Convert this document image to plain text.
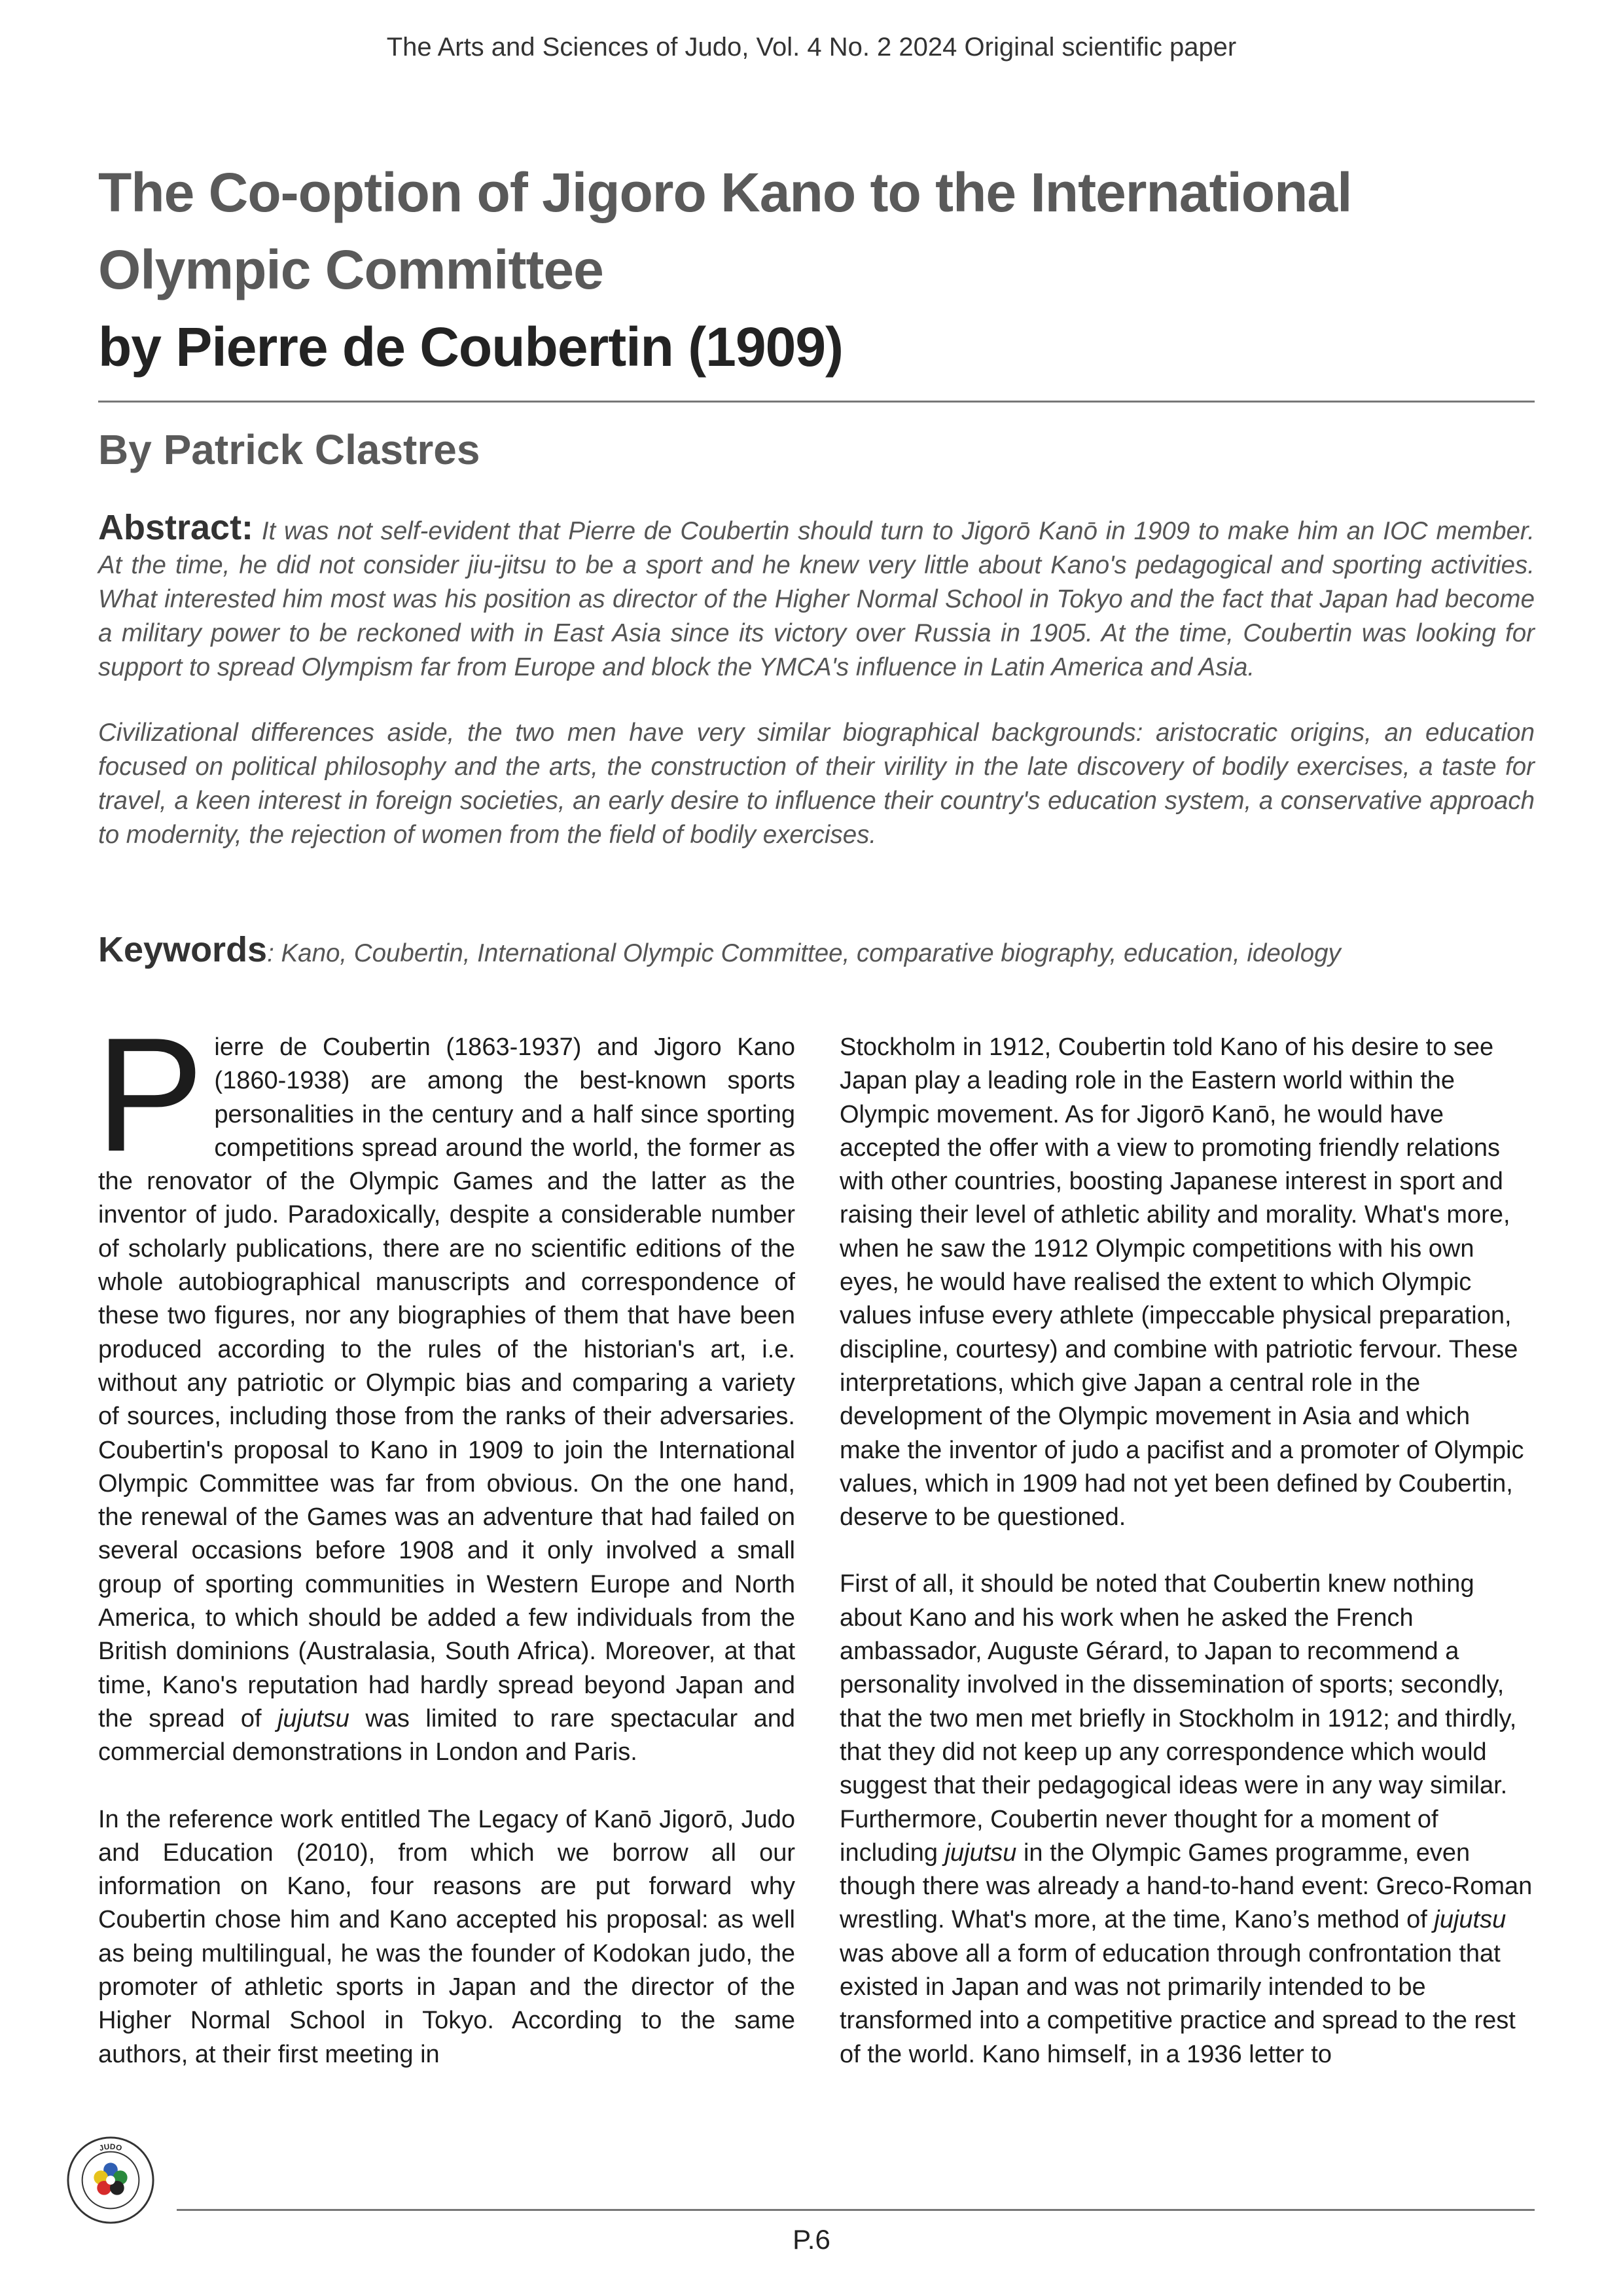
The Arts and Sciences of Judo, Vol. 4 No. 2 2024 Original scientific paper
The Co-option of Jigoro Kano to the International
Olympic Committee
by Pierre de Coubertin (1909)
By Patrick Clastres

Abstract: It was not self-evident that Pierre de Coubertin should turn to Jigorō Kanō in 1909 to make him an IOC member. At the time, he did not consider jiu-jitsu to be a sport and he knew very little about Kano's pedagogical and sporting activities. What interested him most was his position as director of the Higher Normal School in Tokyo and the fact that Japan had become a military power to be reckoned with in East Asia since its victory over Russia in 1905. At the time, Coubertin was looking for support to spread Olympism far from Europe and block the YMCA's influence in Latin America and Asia.

Civilizational differences aside, the two men have very similar biographical backgrounds: aristocratic origins, an education focused on political philosophy and the arts, the construction of their virility in the late discovery of bodily exercises, a taste for travel, a keen interest in foreign societies, an early desire to influence their country's education system, a conservative approach to modernity, the rejection of women from the field of bodily exercises.

Keywords: Kano, Coubertin, International Olympic Committee, comparative biography, education, ideology

Pierre de Coubertin (1863-1937) and Jigoro Kano (1860-1938) are among the best-known sports personalities in the century and a half since sporting competitions spread around the world, the former as the renovator of the Olympic Games and the latter as the inventor of judo. Paradoxically, despite a considerable number of scholarly publications, there are no scientific editions of the whole autobiographical manuscripts and correspondence of these two figures, nor any biographies of them that have been produced according to the rules of the historian's art, i.e. without any patriotic or Olympic bias and comparing a variety of sources, including those from the ranks of their adversaries. Coubertin's proposal to Kano in 1909 to join the International Olympic Committee was far from obvious. On the one hand, the renewal of the Games was an adventure that had failed on several occasions before 1908 and it only involved a small group of sporting communities in Western Europe and North America, to which should be added a few individuals from the British dominions (Australasia, South Africa). Moreover, at that time, Kano's reputation had hardly spread beyond Japan and the spread of jujutsu was limited to rare spectacular and commercial demonstrations in London and Paris.

In the reference work entitled The Legacy of Kanō Jigorō, Judo and Education (2010), from which we borrow all our information on Kano, four reasons are put forward why Coubertin chose him and Kano accepted his proposal: as well as being multilingual, he was the founder of Kodokan judo, the promoter of athletic sports in Japan and the director of the Higher Normal School in Tokyo. According to the same authors, at their first meeting in

Stockholm in 1912, Coubertin told Kano of his desire to see Japan play a leading role in the Eastern world within the Olympic movement. As for Jigorō Kanō, he would have accepted the offer with a view to promoting friendly relations with other countries, boosting Japanese interest in sport and raising their level of athletic ability and morality. What's more, when he saw the 1912 Olympic competitions with his own eyes, he would have realised the extent to which Olympic values infuse every athlete (impeccable physical preparation, discipline, courtesy) and combine with patriotic fervour. These interpretations, which give Japan a central role in the development of the Olympic movement in Asia and which make the inventor of judo a pacifist and a promoter of Olympic values, which in 1909 had not yet been defined by Coubertin, deserve to be questioned.

First of all, it should be noted that Coubertin knew nothing about Kano and his work when he asked the French ambassador, Auguste Gérard, to Japan to recommend a personality involved in the dissemination of sports; secondly, that the two men met briefly in Stockholm in 1912; and thirdly, that they did not keep up any correspondence which would suggest that their pedagogical ideas were in any way similar. Furthermore, Coubertin never thought for a moment of including jujutsu in the Olympic Games programme, even though there was already a hand-to-hand event: Greco-Roman wrestling. What's more, at the time, Kano’s method of jujutsu was above all a form of education through confrontation that existed in Japan and was not primarily intended to be transformed into a competitive practice and spread to the rest of the world. Kano himself, in a 1936 letter to

JUDO
P.6
